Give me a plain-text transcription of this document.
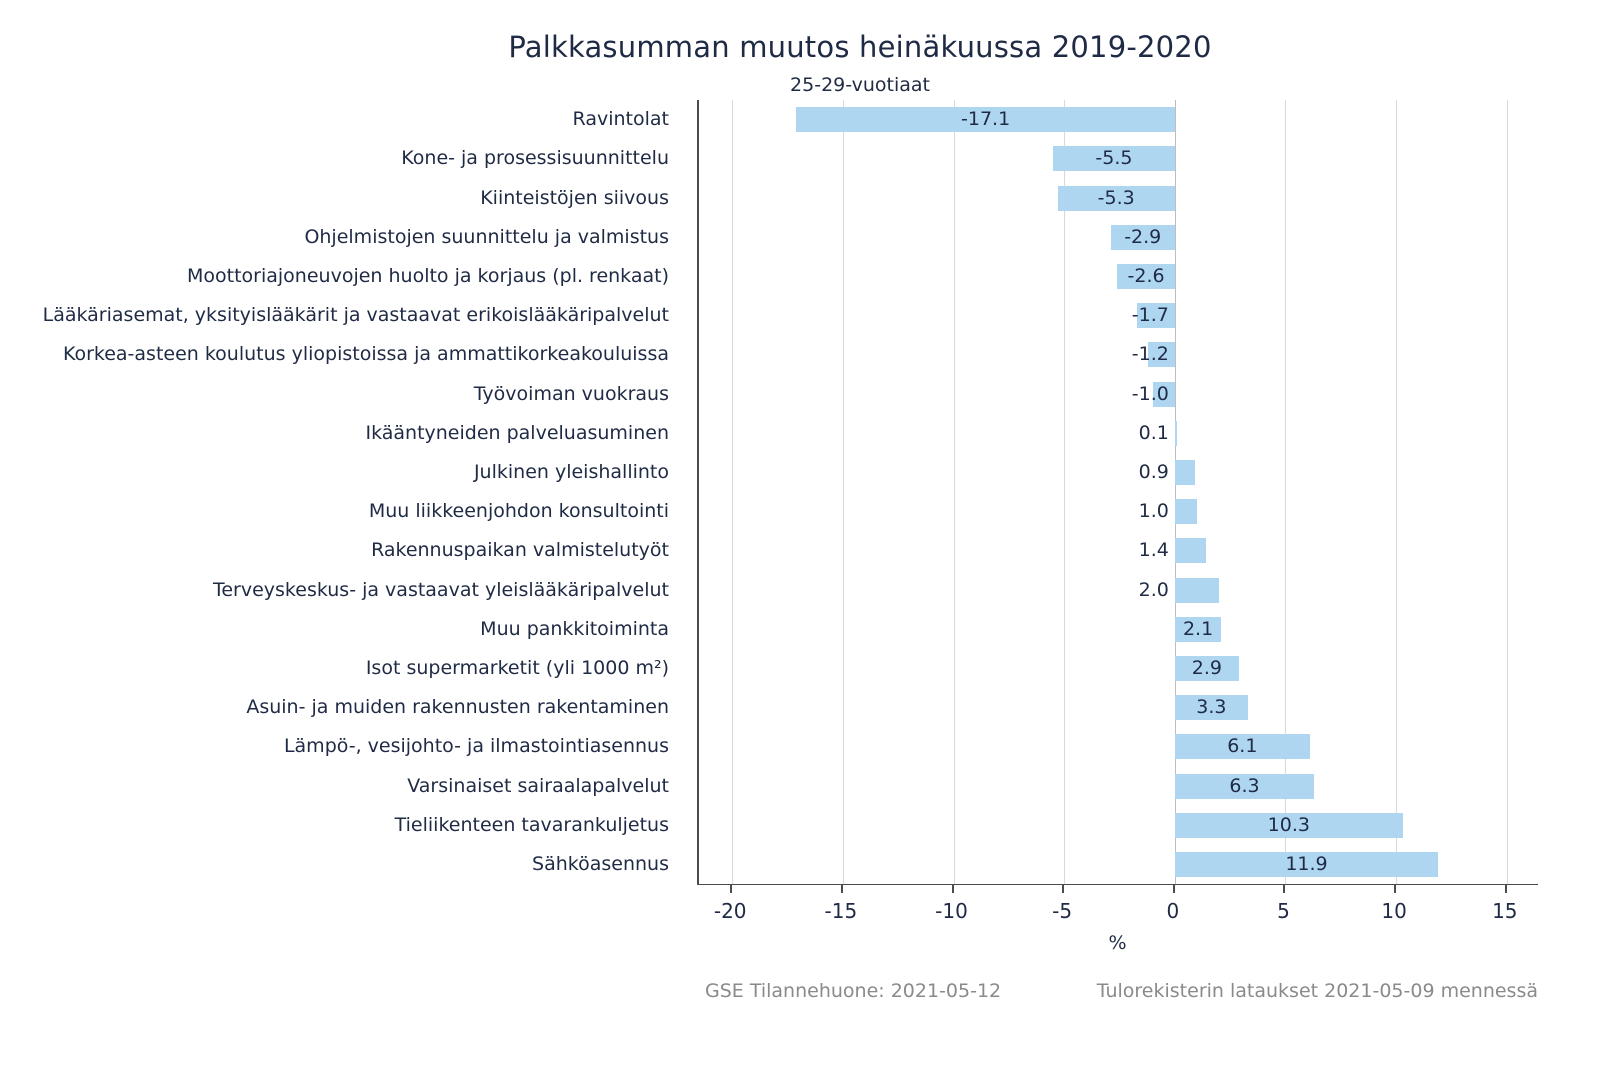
Palkkasumman muutos heinäkuussa 2019-2020
25-29-vuotiaat
Ravintolat
Kone- ja prosessisuunnittelu
Kiinteistöjen siivous
Ohjelmistojen suunnittelu ja valmistus
Moottoriajoneuvojen huolto ja korjaus (pl. renkaat)
Lääkäriasemat, yksityislääkärit ja vastaavat erikoislääkäripalvelut
Korkea-asteen koulutus yliopistoissa ja ammattikorkeakouluissa
Työvoiman vuokraus
Ikääntyneiden palveluasuminen
Julkinen yleishallinto
Muu liikkeenjohdon konsultointi
Rakennuspaikan valmistelutyöt
Terveyskeskus- ja vastaavat yleislääkäripalvelut
Muu pankkitoiminta
Isot supermarketit (yli 1000 m²)
Asuin- ja muiden rakennusten rakentaminen
Lämpö-, vesijohto- ja ilmastointiasennus
Varsinaiset sairaalapalvelut
Tieliikenteen tavarankuljetus
Sähköasennus
-17.1
-5.5
-5.3
-2.9
-2.6
-1.7
-1.2
-1.0
0.1
0.9
1.0
1.4
2.0
2.1
2.9
3.3
6.1
6.3
10.3
11.9
%
GSE Tilannehuone: 2021-05-12	Tulorekisterin lataukset 2021-05-09 mennessä
-20	-15	-10	-5	0	5	10	15
